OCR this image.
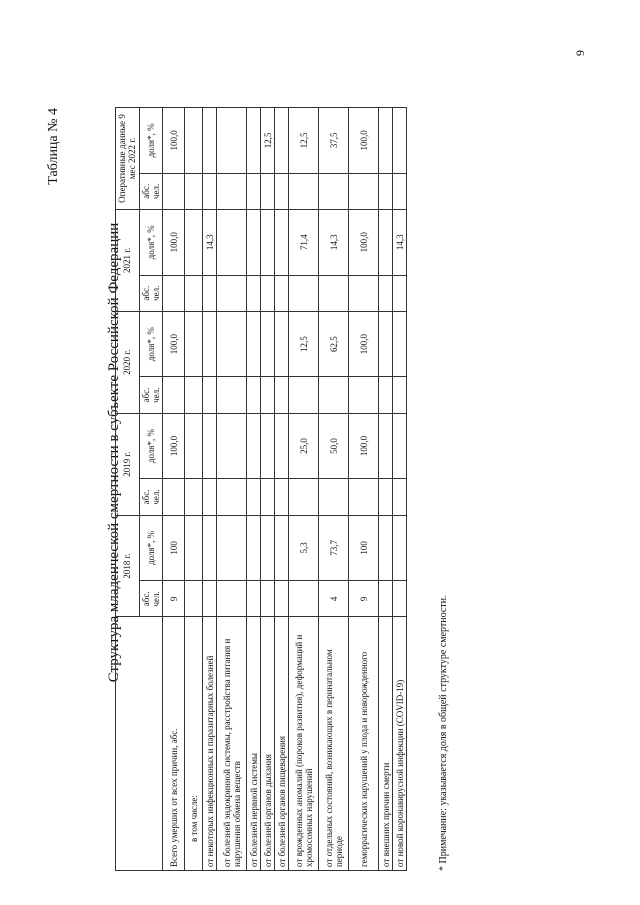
9
Таблица № 4
Структура младенческой смертности в субъекте Российской Федерации
	2018 г.		2019 г.		2020 г.		2021 г.		Оперативные данные 9 мес 2022 г.	
	абс. чел.	доля*, %	абс. чел.	доля*, %	абс. чел.	доля*, %	абс. чел.	доля*, %	абс. чел.	доля*, %
Всего умерших от всех причин, абс.	9	100		100,0		100,0		100,0		100,0
в том числе:										
от некоторых инфекционных и паразитарных болезней								14,3		
от болезней эндокринной системы, расстройства питания и нарушения обмена веществ										
от болезней нервной системы										
от болезней органов дыхания										12,5
от болезней органов пищеварения										
от врожденных аномалий (пороков развития), деформаций и хромосомных нарушений		5,3		25,0		12,5		71,4		12,5
от отдельных состояний, возникающих в перинатальном периоде	4	73,7		50,0		62,5		14,3		37,5
геморрагических нарушений у плода и новорожденного	9	100		100,0		100,0		100,0		100,0
от внешних причин смерти										
от новой коронавирусной инфекции (COVID-19)								14,3		
* Примечание: указывается доля в общей структуре смертности.
